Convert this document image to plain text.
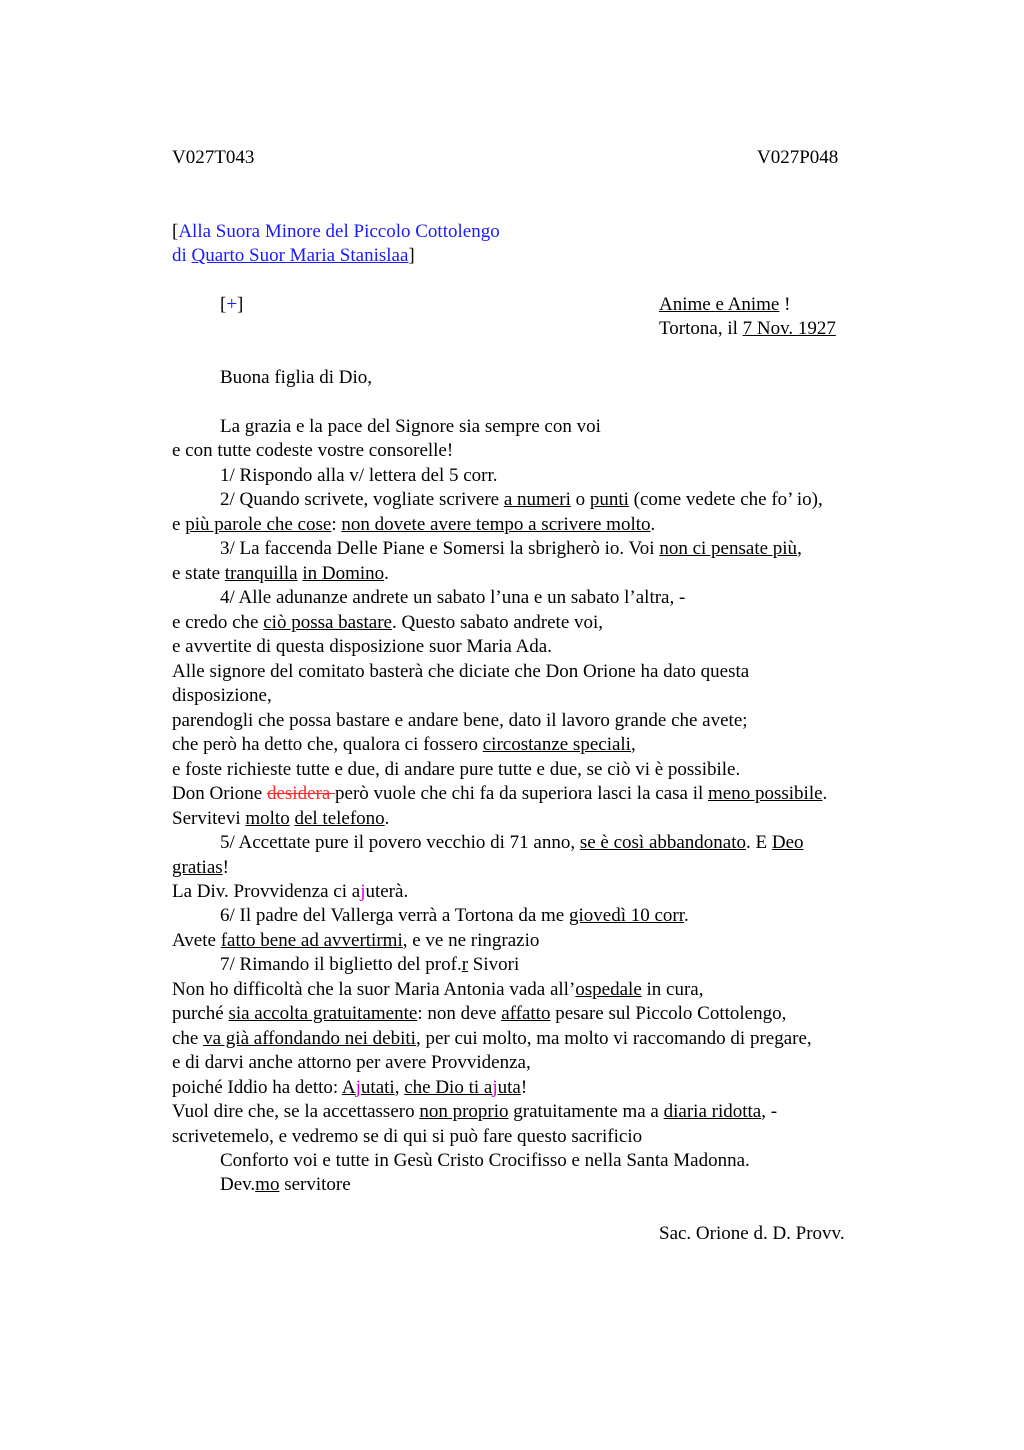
V027T043	V027P048
[Alla Suora Minore del Piccolo Cottolengo
di Quarto Suor Maria Stanislaa]
[+]	Anime e Anime !
Tortona, il 7 Nov. 1927
Buona figlia di Dio,
La grazia e la pace del Signore sia sempre con voi
e con tutte codeste vostre consorelle!
1/ Rispondo alla v/ lettera del 5 corr.
2/ Quando scrivete, vogliate scrivere a numeri o punti (come vedete che fo’ io),
e più parole che cose: non dovete avere tempo a scrivere molto.
3/ La faccenda Delle Piane e Somersi la sbrigherò io. Voi non ci pensate più,
e state tranquilla in Domino.
4/ Alle adunanze andrete un sabato l’una e un sabato l’altra, -
e credo che ciò possa bastare. Questo sabato andrete voi,
e avvertite di questa disposizione suor Maria Ada.
Alle signore del comitato basterà che diciate che Don Orione ha dato questa
disposizione,
parendogli che possa bastare e andare bene, dato il lavoro grande che avete;
che però ha detto che, qualora ci fossero circostanze speciali,
e foste richieste tutte e due, di andare pure tutte e due, se ciò vi è possibile.
Don Orione desidera però vuole che chi fa da superiora lasci la casa il meno possibile.
Servitevi molto del telefono.
5/ Accettate pure il povero vecchio di 71 anno, se è così abbandonato. E Deo
gratias!
La Div. Provvidenza ci ajuterà.
6/ Il padre del Vallerga verrà a Tortona da me giovedì 10 corr.
Avete fatto bene ad avvertirmi, e ve ne ringrazio
7/ Rimando il biglietto del prof.r Sivori
Non ho difficoltà che la suor Maria Antonia vada all’ospedale in cura,
purché sia accolta gratuitamente: non deve affatto pesare sul Piccolo Cottolengo,
che va già affondando nei debiti, per cui molto, ma molto vi raccomando di pregare,
e di darvi anche attorno per avere Provvidenza,
poiché Iddio ha detto: Ajutati, che Dio ti ajuta!
Vuol dire che, se la accettassero non proprio gratuitamente ma a diaria ridotta, -
scrivetemelo, e vedremo se di qui si può fare questo sacrificio
Conforto voi e tutte in Gesù Cristo Crocifisso e nella Santa Madonna.
Dev.mo servitore
Sac. Orione d. D. Provv.
